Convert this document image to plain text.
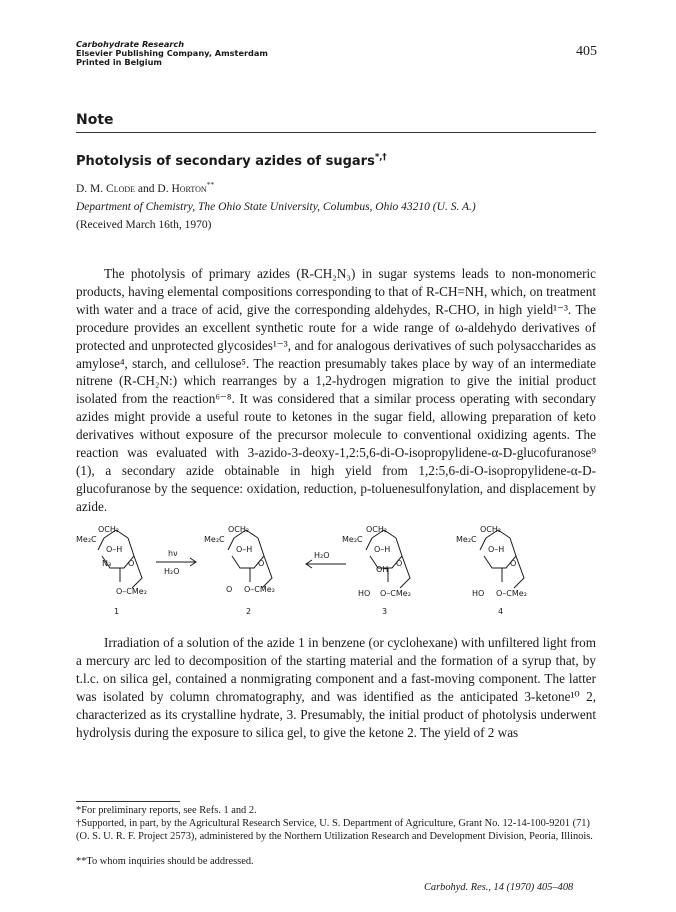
Carbohydrate Research
Elsevier Publishing Company, Amsterdam
Printed in Belgium
405
Note
Photolysis of secondary azides of sugars*,†
D. M. Clode and D. Horton**
Department of Chemistry, The Ohio State University, Columbus, Ohio 43210 (U. S. A.)
(Received March 16th, 1970)
The photolysis of primary azides (R-CH₂N₃) in sugar systems leads to non-monomeric products, having elemental compositions corresponding to that of R-CH=NH, which, on treatment with water and a trace of acid, give the corresponding aldehydes, R-CHO, in high yield¹⁻³. The procedure provides an excellent synthetic route for a wide range of ω-aldehydo derivatives of protected and unprotected glycosides¹⁻³, and for analogous derivatives of such polysaccharides as amylose⁴, starch, and cellulose⁵. The reaction presumably takes place by way of an intermediate nitrene (R-CH₂N:) which rearranges by a 1,2-hydrogen migration to give the initial product isolated from the reaction⁶⁻⁸. It was considered that a similar process operating with secondary azides might provide a useful route to ketones in the sugar field, allowing preparation of keto derivatives without exposure of the precursor molecule to conventional oxidizing agents. The reaction was evaluated with 3-azido-3-deoxy-1,2:5,6-di-O-isopropylidene-α-D-glucofuranose⁹ (1), a secondary azide obtainable in high yield from 1,2:5,6-di-O-isopropylidene-α-D-glucofuranose by the sequence: oxidation, reduction, p-toluenesulfonylation, and displacement by azide.
OCH₂
Me₂C
O–H
N₃ O
O–CMe₂
1
hν
H₂O
OCH₂
Me₂C
O–H
O
O O–CMe₂
2
H₂O
OCH₂
Me₂C
O–H
OH
O
HO O–CMe₂
3
OCH₂
Me₂C
O–H
O
HO O–CMe₂
4
Irradiation of a solution of the azide 1 in benzene (or cyclohexane) with unfiltered light from a mercury arc led to decomposition of the starting material and the formation of a syrup that, by t.l.c. on silica gel, contained a nonmigrating component and a fast-moving component. The latter was isolated by column chromatography, and was identified as the anticipated 3-ketone¹⁰ 2, characterized as its crystalline hydrate, 3. Presumably, the initial product of photolysis underwent hydrolysis during the exposure to silica gel, to give the ketone 2. The yield of 2 was
*For preliminary reports, see Refs. 1 and 2.
†Supported, in part, by the Agricultural Research Service, U. S. Department of Agriculture, Grant No. 12-14-100-9201 (71) (O. S. U. R. F. Project 2573), administered by the Northern Utilization Research and Development Division, Peoria, Illinois.
**To whom inquiries should be addressed.
Carbohyd. Res., 14 (1970) 405–408
